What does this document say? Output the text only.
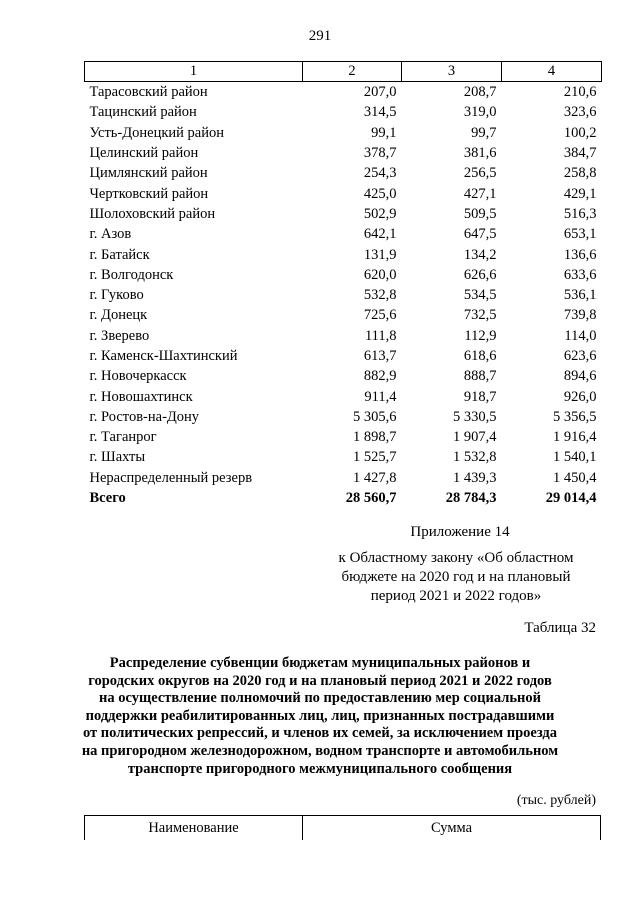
291
1	2	3	4
Тарасовский район	207,0	208,7	210,6
Тацинский район	314,5	319,0	323,6
Усть-Донецкий район	99,1	99,7	100,2
Целинский район	378,7	381,6	384,7
Цимлянский район	254,3	256,5	258,8
Чертковский район	425,0	427,1	429,1
Шолоховский район	502,9	509,5	516,3
г. Азов	642,1	647,5	653,1
г. Батайск	131,9	134,2	136,6
г. Волгодонск	620,0	626,6	633,6
г. Гуково	532,8	534,5	536,1
г. Донецк	725,6	732,5	739,8
г. Зверево	111,8	112,9	114,0
г. Каменск-Шахтинский	613,7	618,6	623,6
г. Новочеркасск	882,9	888,7	894,6
г. Новошахтинск	911,4	918,7	926,0
г. Ростов-на-Дону	5 305,6	5 330,5	5 356,5
г. Таганрог	1 898,7	1 907,4	1 916,4
г. Шахты	1 525,7	1 532,8	1 540,1
Нераспределенный резерв	1 427,8	1 439,3	1 450,4
Всего	28 560,7	28 784,3	29 014,4
Приложение 14
к Областному закону «Об областном
бюджете на 2020 год и на плановый
период 2021 и 2022 годов»
Таблица 32
Распределение субвенции бюджетам муниципальных районов и
городских округов на 2020 год и на плановый период 2021 и 2022 годов
на осуществление полномочий по предоставлению мер социальной
поддержки реабилитированных лиц, лиц, признанных пострадавшими
от политических репрессий, и членов их семей, за исключением проезда
на пригородном железнодорожном, водном транспорте и автомобильном
транспорте пригородного межмуниципального сообщения
(тыс. рублей)
Наименование	Сумма
